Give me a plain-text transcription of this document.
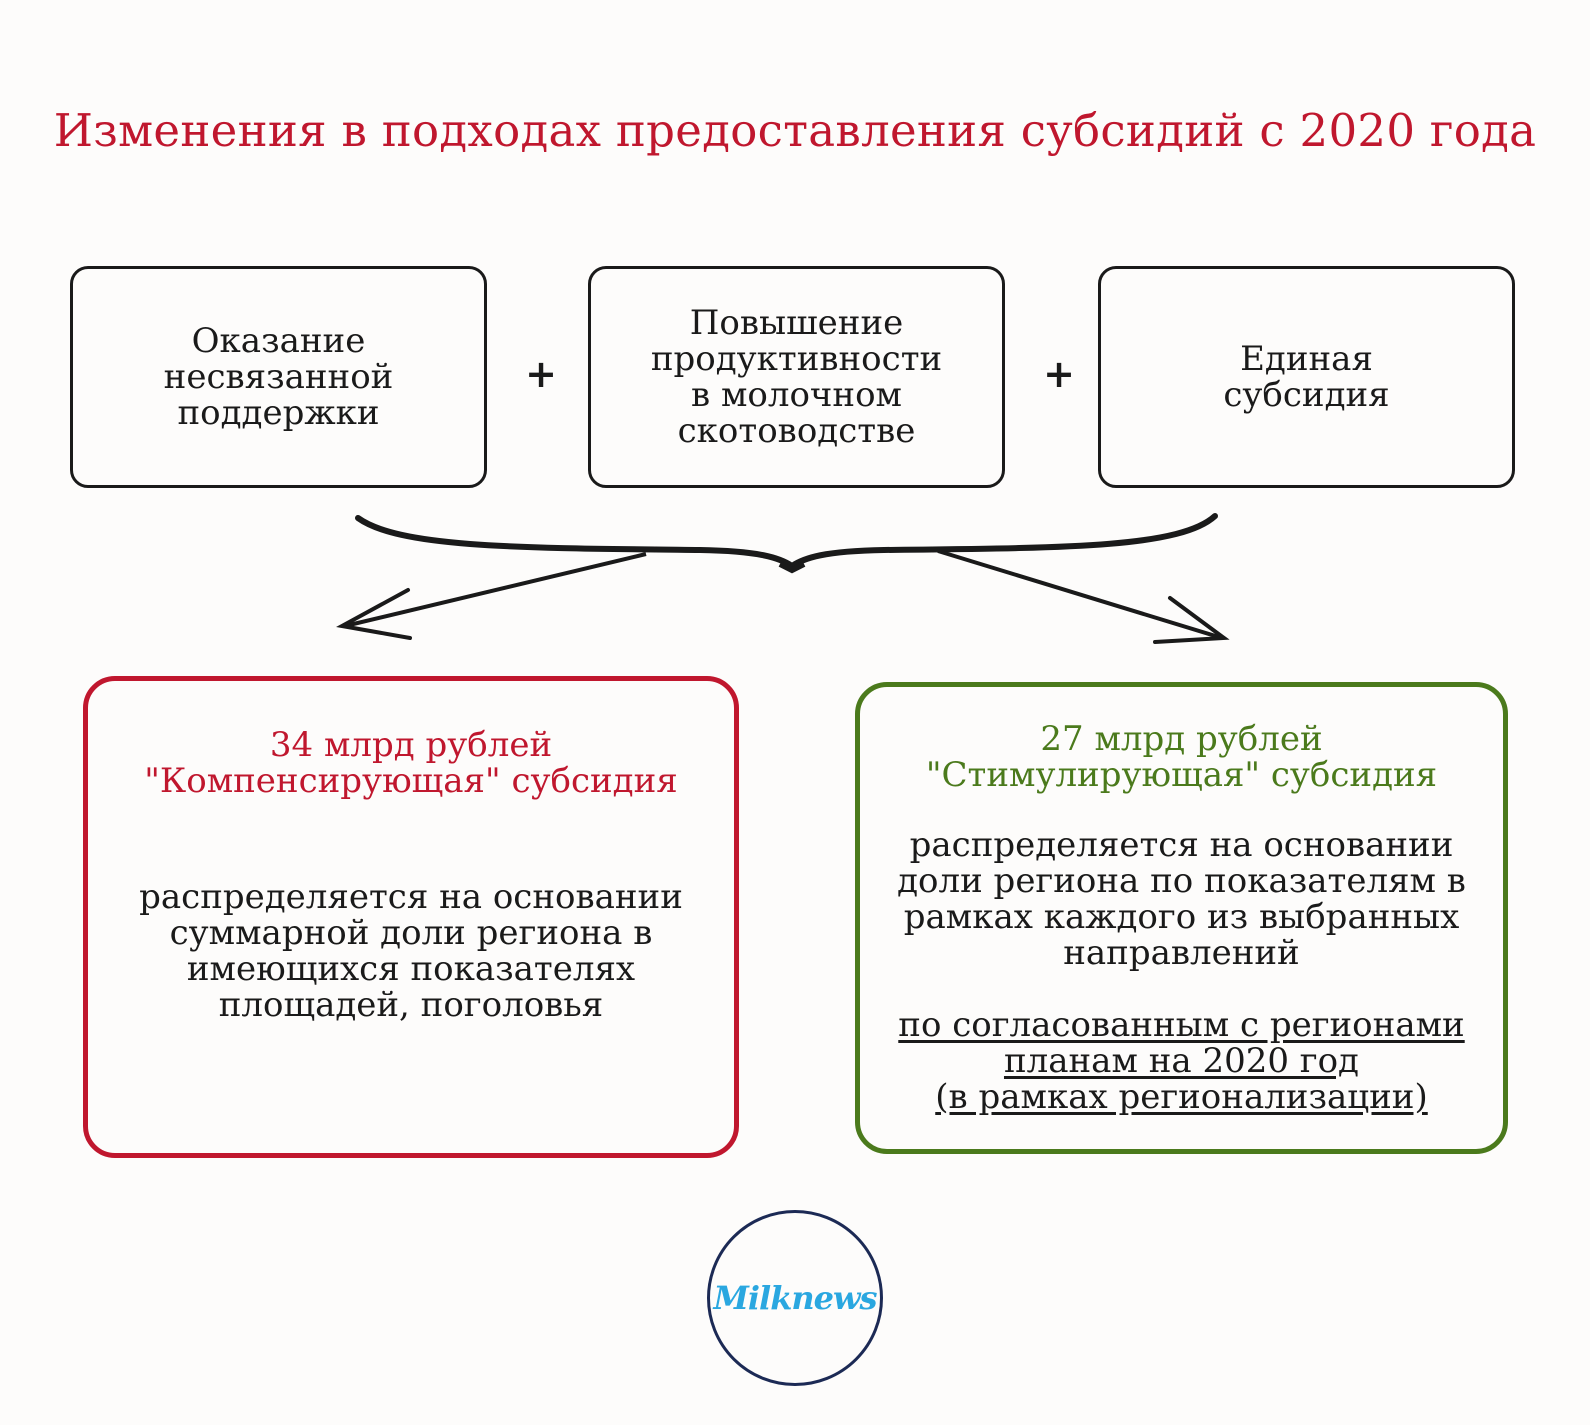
Изменения в подходах предоставления субсидий с 2020 года
Оказание несвязанной поддержки
+
Повышение продуктивности в молочном скотоводстве
+	Единая субсидия
34 млрд рублей
"Компенсирующая" субсидия
распределяется на основании суммарной доли региона в имеющихся показателях площадей, поголовья
27 млрд рублей
"Стимулирующая" субсидия
распределяется на основании доли региона по показателям в рамках каждого из выбранных направлений
по согласованным с регионами
планам на 2020 год
(в рамках регионализации)
Milknews
